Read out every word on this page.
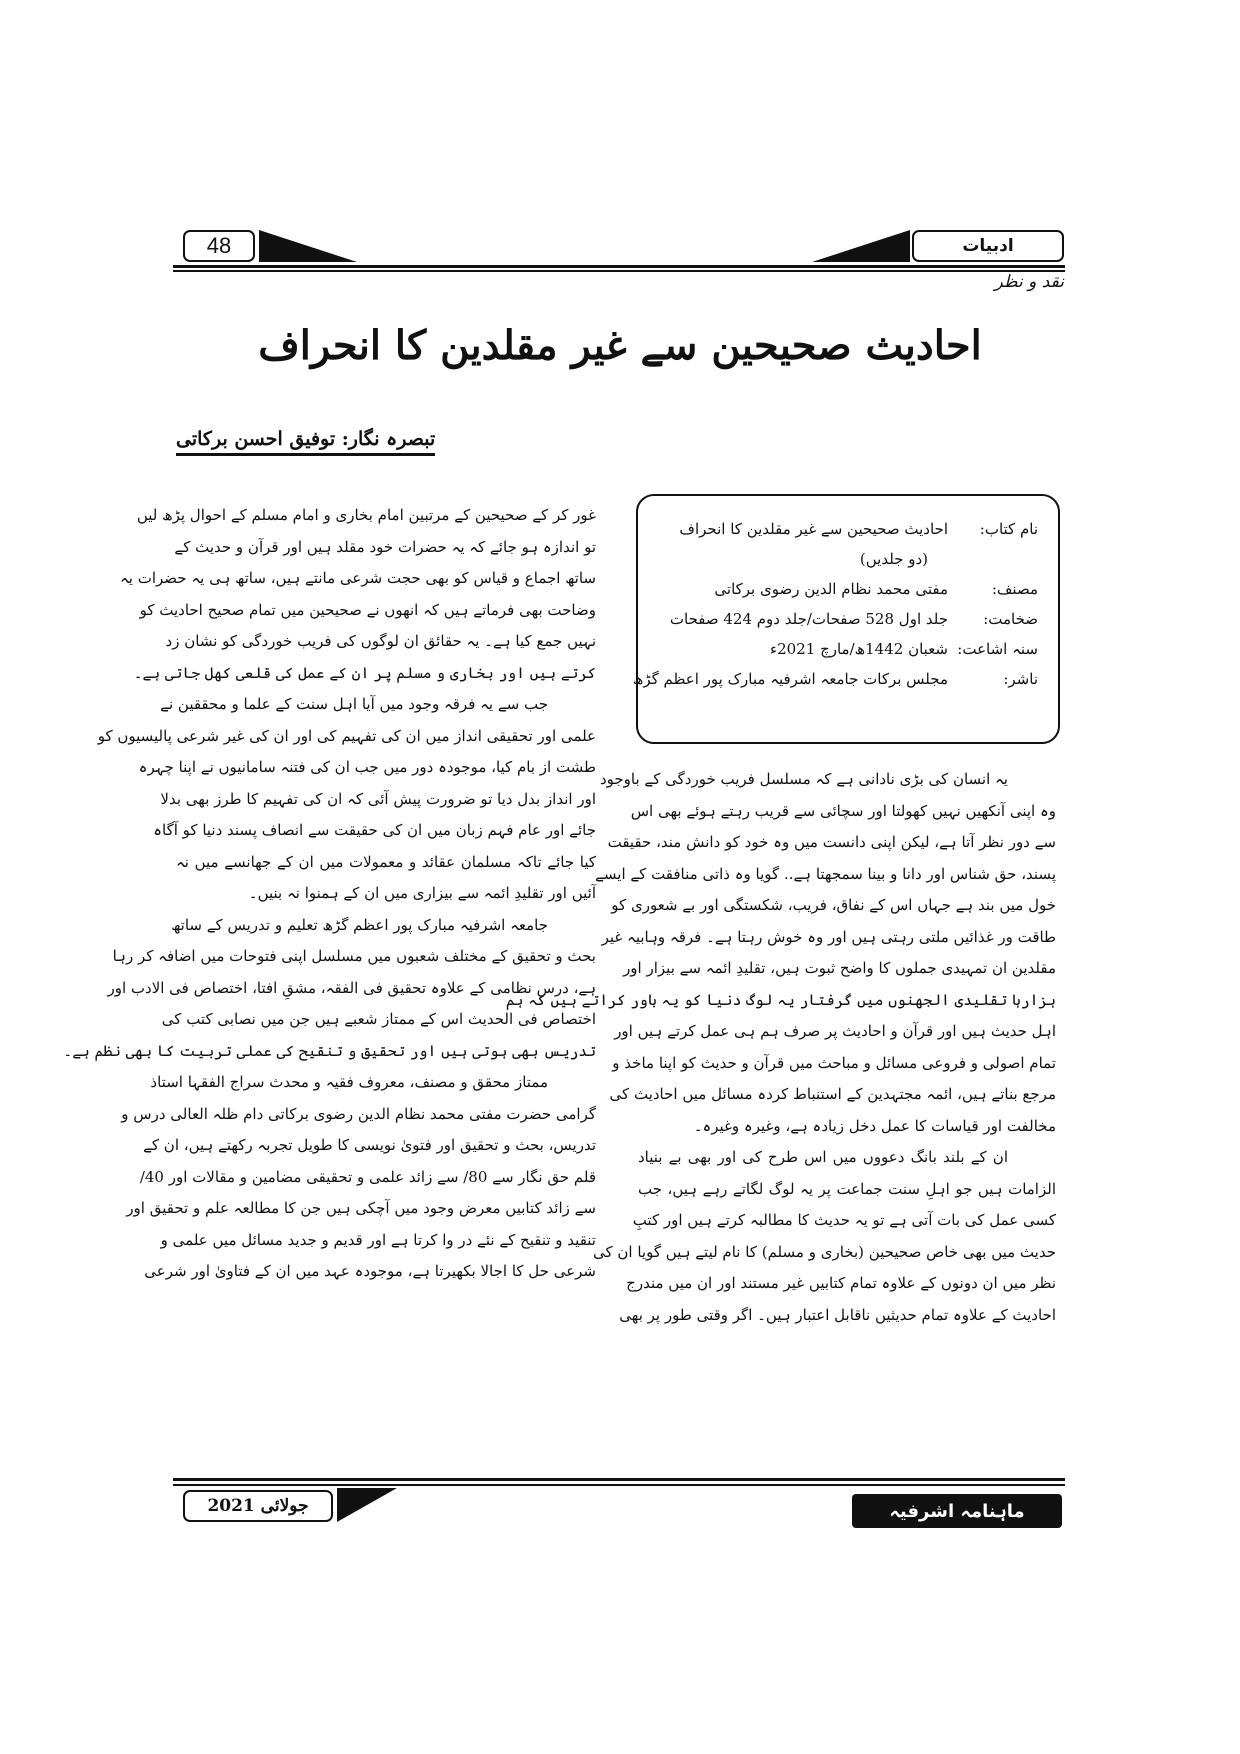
48	ادبیات
نقد و نظر
احادیث صحیحین سے غیر مقلدین کا انحراف
تبصرہ نگار: توفیق احسن برکاتی
نام کتاب:
احادیث صحیحین سے غیر مقلدین کا انحراف
(دو جلدیں)
مصنف:
مفتی محمد نظام الدین رضوی برکاتی
ضخامت:
جلد اول 528 صفحات/جلد دوم 424 صفحات
سنہ اشاعت:
شعبان 1442ھ/مارچ 2021ء
ناشر:
مجلس برکات جامعہ اشرفیہ مبارک پور اعظم گڑھ
یہ انسان کی بڑی نادانی ہے کہ مسلسل فریب خوردگی کے باوجود
وہ اپنی آنکھیں نہیں کھولتا اور سچائی سے قریب رہتے ہوئے بھی اس
سے دور نظر آتا ہے، لیکن اپنی دانست میں وہ خود کو دانش مند، حقیقت
پسند، حق شناس اور دانا و بینا سمجھتا ہے.. گویا وہ ذاتی منافقت کے ایسے
خول میں بند ہے جہاں اس کے نفاق، فریب، شکستگی اور بے شعوری کو
طاقت ور غذائیں ملتی رہتی ہیں اور وہ خوش رہتا ہے۔ فرقہ وہابیہ غیر
مقلدین ان تمہیدی جملوں کا واضح ثبوت ہیں، تقلیدِ ائمہ سے بیزار اور
ہزارہا تقلیدی الجھنوں میں گرفتار یہ لوگ دنیا کو یہ باور کراتے ہیں کہ ہم
اہل حدیث ہیں اور قرآن و احادیث پر صرف ہم ہی عمل کرتے ہیں اور
تمام اصولی و فروعی مسائل و مباحث میں قرآن و حدیث کو اپنا ماخذ و
مرجع بناتے ہیں، ائمہ مجتہدین کے استنباط کردہ مسائل میں احادیث کی
مخالفت اور قیاسات کا عمل دخل زیادہ ہے، وغیرہ وغیرہ۔
ان کے بلند بانگ دعووں میں اس طرح کی اور بھی بے بنیاد
الزامات ہیں جو اہلِ سنت جماعت پر یہ لوگ لگاتے رہے ہیں، جب
کسی عمل کی بات آتی ہے تو یہ حدیث کا مطالبہ کرتے ہیں اور کتبِ
حدیث میں بھی خاص صحیحین (بخاری و مسلم) کا نام لیتے ہیں گویا ان کی
نظر میں ان دونوں کے علاوہ تمام کتابیں غیر مستند اور ان میں مندرج
احادیث کے علاوہ تمام حدیثیں ناقابل اعتبار ہیں۔ اگر وقتی طور پر بھی
غور کر کے صحیحین کے مرتبین امام بخاری و امام مسلم کے احوال پڑھ لیں
تو اندازہ ہو جائے کہ یہ حضرات خود مقلد ہیں اور قرآن و حدیث کے
ساتھ اجماع و قیاس کو بھی حجت شرعی مانتے ہیں، ساتھ ہی یہ حضرات یہ
وضاحت بھی فرماتے ہیں کہ انھوں نے صحیحین میں تمام صحیح احادیث کو
نہیں جمع کیا ہے۔ یہ حقائق ان لوگوں کی فریب خوردگی کو نشان زد
کرتے ہیں اور بخاری و مسلم پر ان کے عمل کی قلعی کھل جاتی ہے۔
جب سے یہ فرقہ وجود میں آیا اہل سنت کے علما و محققین نے
علمی اور تحقیقی انداز میں ان کی تفہیم کی اور ان کی غیر شرعی پالیسیوں کو
طشت از بام کیا، موجودہ دور میں جب ان کی فتنہ سامانیوں نے اپنا چہرہ
اور انداز بدل دیا تو ضرورت پیش آئی کہ ان کی تفہیم کا طرز بھی بدلا
جائے اور عام فہم زبان میں ان کی حقیقت سے انصاف پسند دنیا کو آگاہ
کیا جائے تاکہ مسلمان عقائد و معمولات میں ان کے جھانسے میں نہ
آئیں اور تقلیدِ ائمہ سے بیزاری میں ان کے ہمنوا نہ بنیں۔
جامعہ اشرفیہ مبارک پور اعظم گڑھ تعلیم و تدریس کے ساتھ
بحث و تحقیق کے مختلف شعبوں میں مسلسل اپنی فتوحات میں اضافہ کر رہا
ہے، درس نظامی کے علاوہ تحقیق فی الفقہ، مشقِ افتا، اختصاص فی الادب اور
اختصاص فی الحدیث اس کے ممتاز شعبے ہیں جن میں نصابی کتب کی
تدریس بھی ہوتی ہیں اور تحقیق و تنقیح کی عملی تربیت کا بھی نظم ہے۔
ممتاز محقق و مصنف، معروف فقیہ و محدث سراج الفقہا استاذ
گرامی حضرت مفتی محمد نظام الدین رضوی برکاتی دام ظلہ العالی درس و
تدریس، بحث و تحقیق اور فتویٰ نویسی کا طویل تجربہ رکھتے ہیں، ان کے
قلم حق نگار سے 80/ سے زائد علمی و تحقیقی مضامین و مقالات اور 40/
سے زائد کتابیں معرض وجود میں آچکی ہیں جن کا مطالعہ علم و تحقیق اور
تنقید و تنقیح کے نئے در وا کرتا ہے اور قدیم و جدید مسائل میں علمی و
شرعی حل کا اجالا بکھیرتا ہے، موجودہ عہد میں ان کے فتاویٰ اور شرعی
جولائی 2021	ماہنامہ اشرفیہ
